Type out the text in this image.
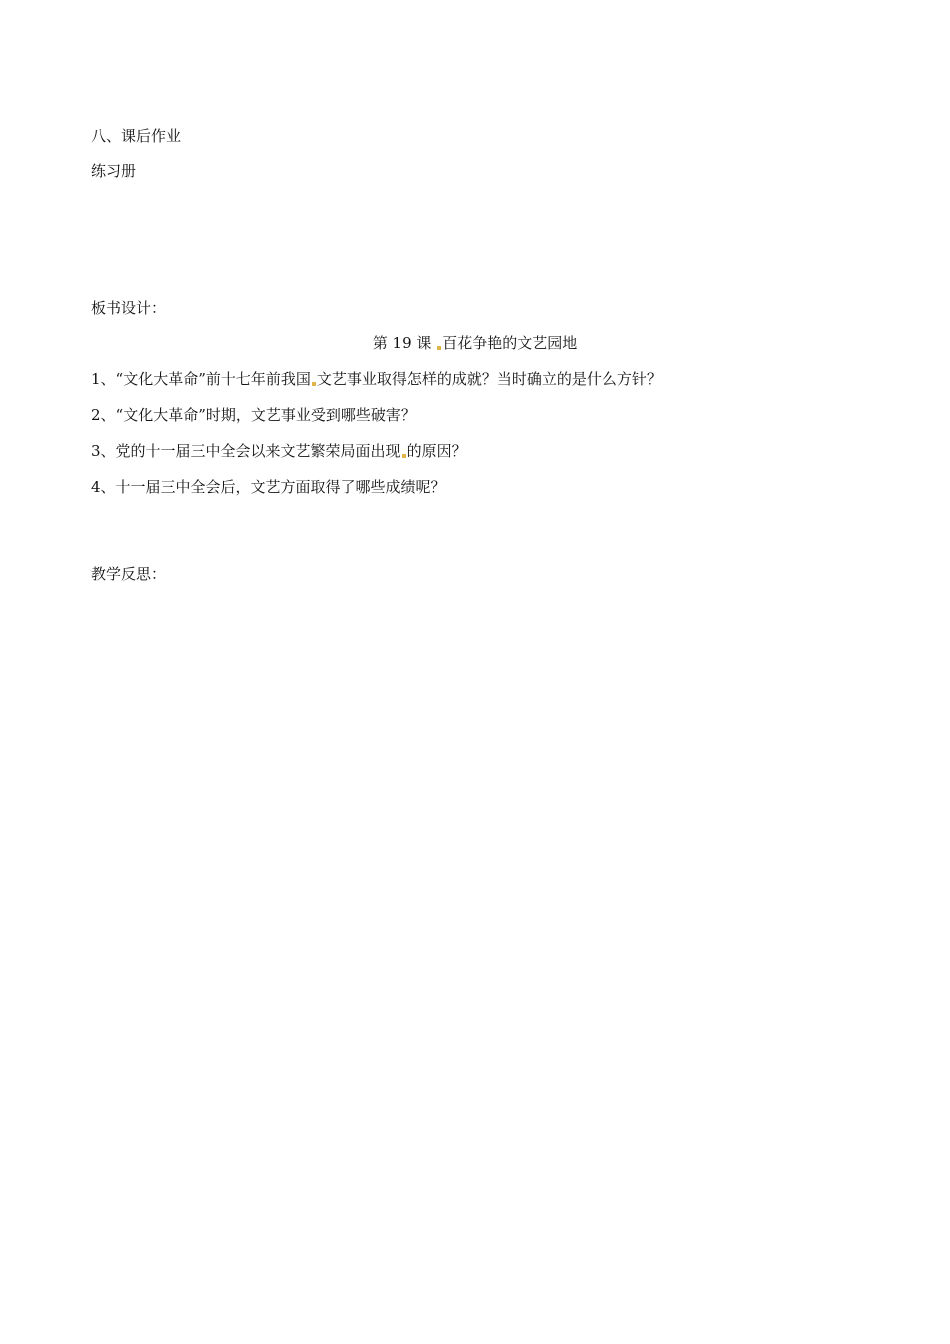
八、课后作业
练习册
板书设计：
第 19 课 百花争艳的文艺园地
1、“文化大革命”前十七年前我国 文艺事业取得怎样的成就？当时确立的是什么方针？
2、“文化大革命”时期，文艺事业受到哪些破害？
3、党的十一届三中全会以来文艺繁荣局面出现 的原因？
4、十一届三中全会后，文艺方面取得了哪些成绩呢？
教学反思：
